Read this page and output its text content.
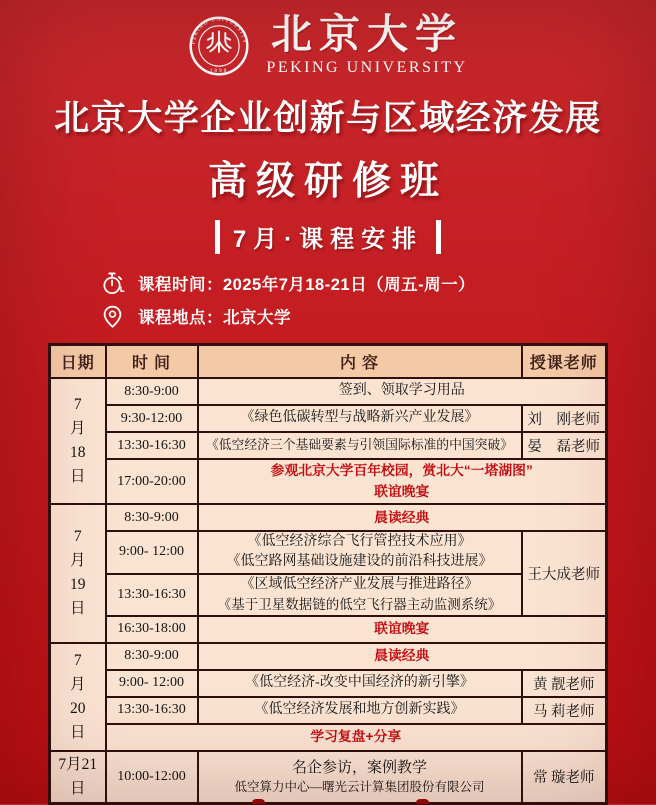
PEKING UNIVERSITY
1898
北京大学
PEKING UNIVERSITY
北京大学企业创新与区域经济发展
高级研修班
7月·课程安排
课程时间：2025年7月18-21日（周五-周一）
课程地点：北京大学
日期	时 间	内 容	授课老师

7
月
18
日	8:30-9:00	签到、领取学习用品	
	9:30-12:00	《绿色低碳转型与战略新兴产业发展》	刘　刚老师
	13:30-16:30	《低空经济三个基础要素与引领国际标准的中国突破》	晏　磊老师
	17:00-20:00	参观北京大学百年校园，赏北大“一塔湖图”
联谊晚宴	

7
月
19
日	8:30-9:00	晨读经典	
	9:00- 12:00	《低空经济综合飞行管控技术应用》
《低空路网基础设施建设的前沿科技进展》	王大成老师
	13:30-16:30	《区域低空经济产业发展与推进路径》
《基于卫星数据链的低空飞行器主动监测系统》	

	16:30-18:00	联谊晚宴	

7
月
20
日	8:30-9:00	晨读经典	
	9:00- 12:00	《低空经济-改变中国经济的新引擎》	黄 靓老师
	13:30-16:30	《低空经济发展和地方创新实践》	马 莉老师
	学习复盘+分享		

7月21
日	10:00-12:00	名企参访，案例教学
低空算力中心—曙光云计算集团股份有限公司	常 璇老师
